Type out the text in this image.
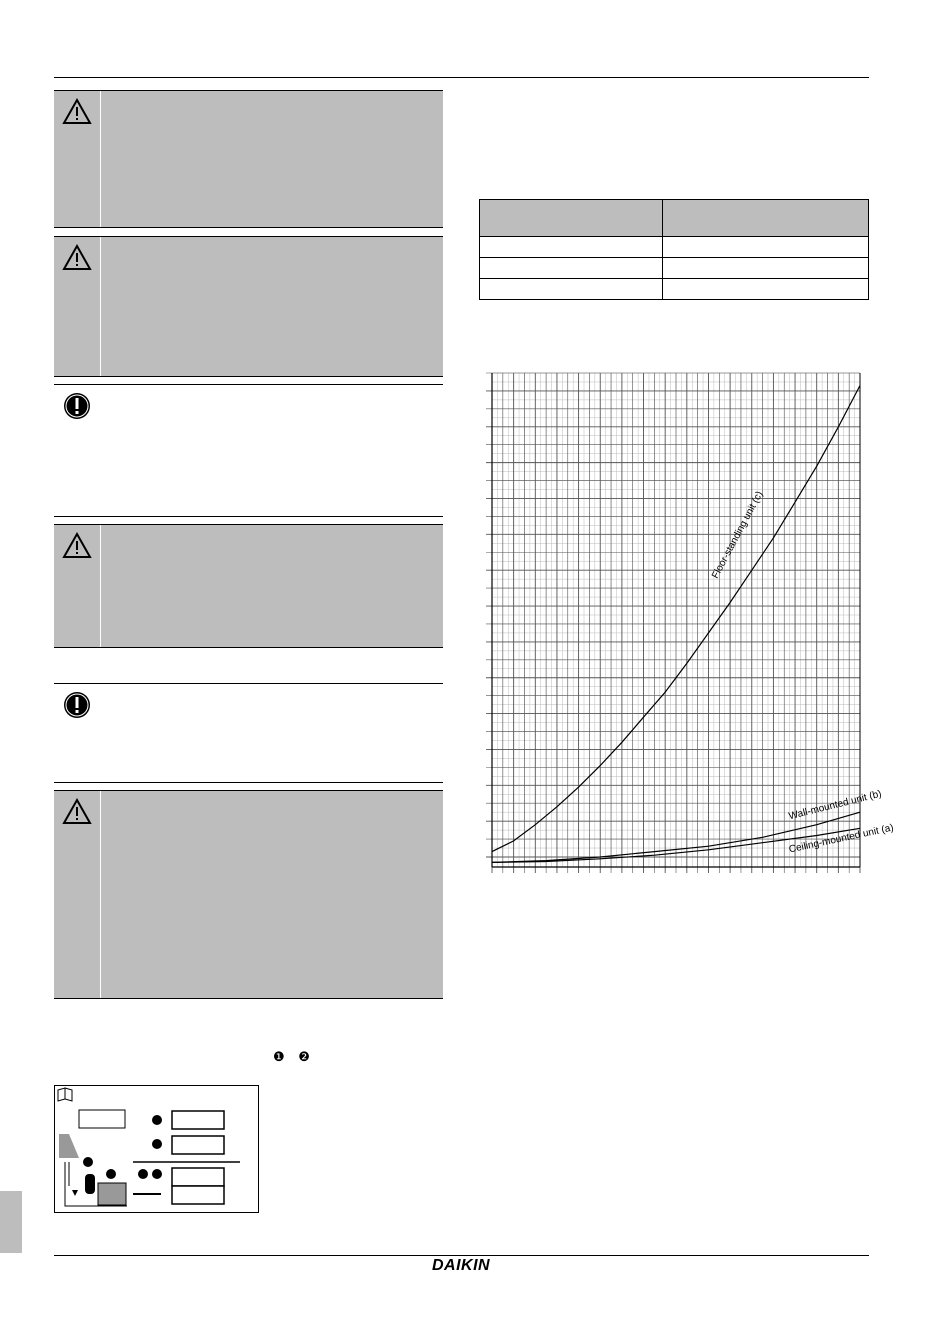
❶ ❷

Floor-standing unit (c)
Wall-mounted unit (b)
Ceiling-mounted unit (a)
DAIKIN
